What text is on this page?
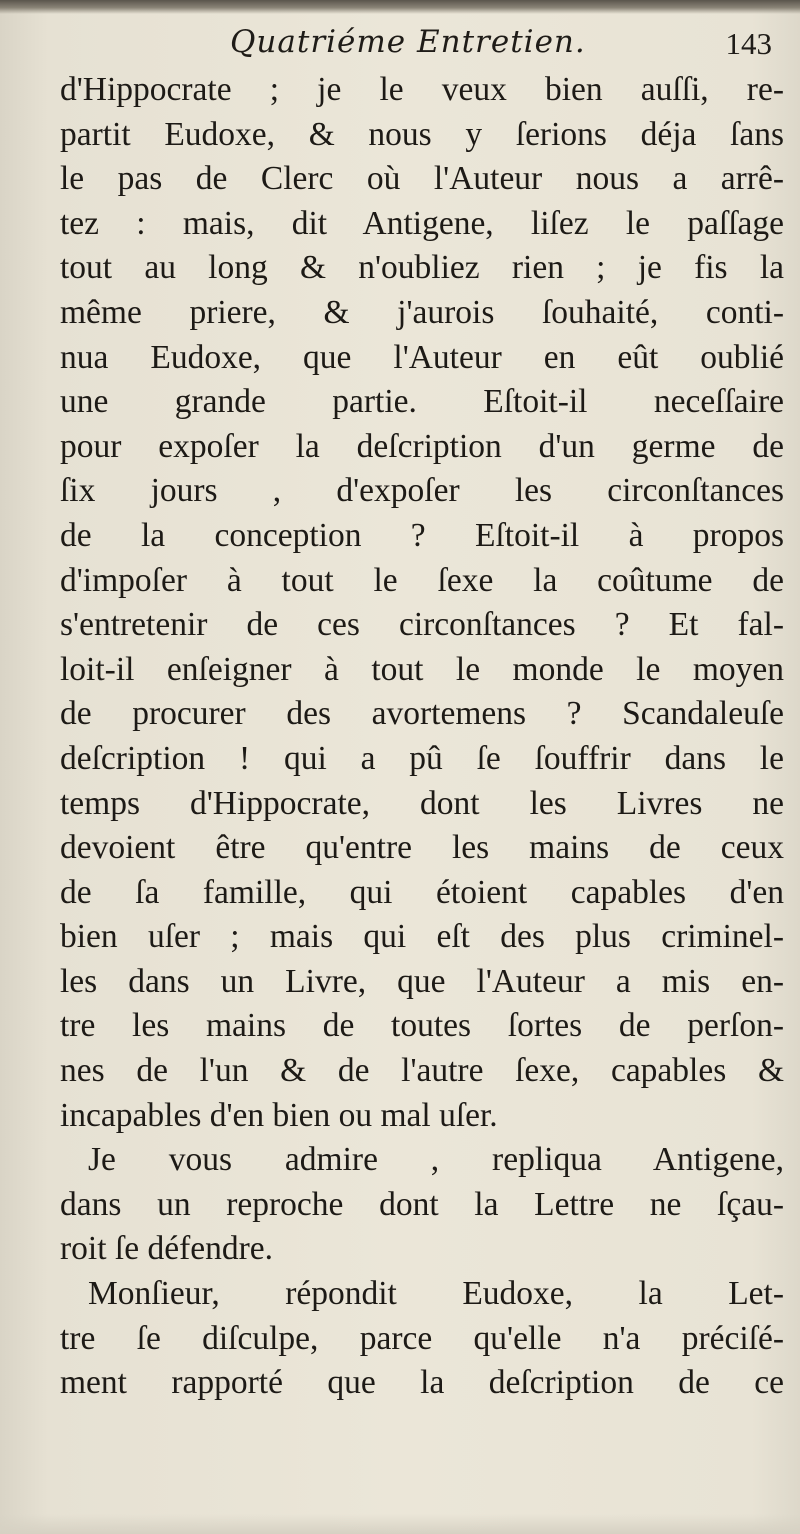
Quatriéme Entretien.	143
d'Hippocrate ; je le veux bien auſſi, re-
partit Eudoxe, & nous y ſerions déja ſans
le pas de Clerc où l'Auteur nous a arrê-
tez : mais, dit Antigene, liſez le paſſage
tout au long & n'oubliez rien ; je fis la
même priere, & j'aurois ſouhaité, conti-
nua Eudoxe, que l'Auteur en eût oublié
une grande partie. Eſtoit-il neceſſaire
pour expoſer la deſcription d'un germe de
ſix jours , d'expoſer les circonſtances
de la conception ? Eſtoit-il à propos
d'impoſer à tout le ſexe la coûtume de
s'entretenir de ces circonſtances ? Et fal-
loit-il enſeigner à tout le monde le moyen
de procurer des avortemens ? Scandaleuſe
deſcription ! qui a pû ſe ſouffrir dans le
temps d'Hippocrate, dont les Livres ne
devoient être qu'entre les mains de ceux
de ſa famille, qui étoient capables d'en
bien uſer ; mais qui eſt des plus criminel-
les dans un Livre, que l'Auteur a mis en-
tre les mains de toutes ſortes de perſon-
nes de l'un & de l'autre ſexe, capables &
incapables d'en bien ou mal uſer.
Je vous admire , repliqua Antigene,
dans un reproche dont la Lettre ne ſçau-
roit ſe défendre.
Monſieur, répondit Eudoxe, la Let-
tre ſe diſculpe, parce qu'elle n'a préciſé-
ment rapporté que la deſcription de ce
